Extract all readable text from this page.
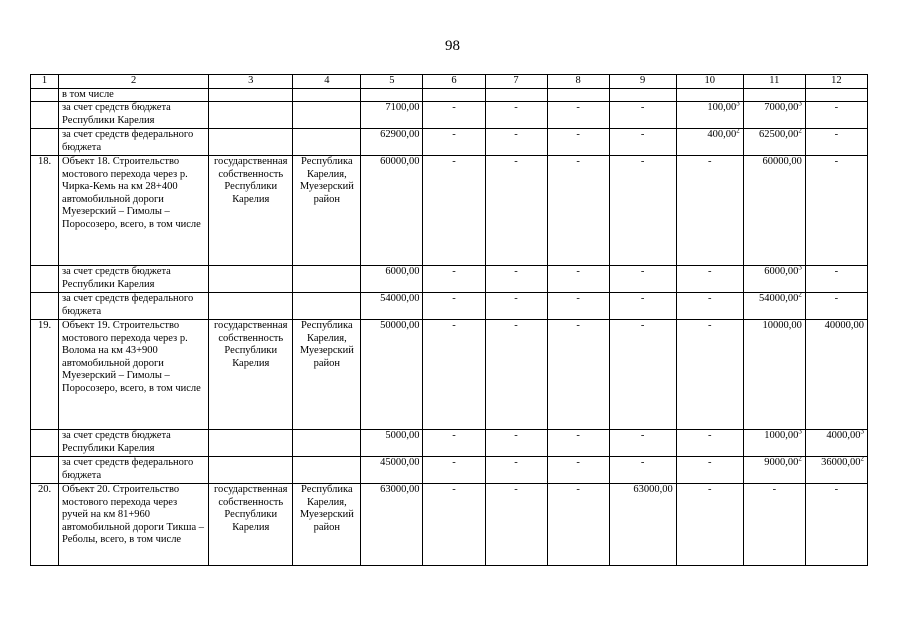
98
1	2	3	4	5	6	7	8	9	10	11	12
	в том числе										
	за счет средств бюджета Республики Карелия			7100,00	-	-	-	-	100,00$^3$	7000,00$^3$	-
	за счет средств федерального бюджета			62900,00	-	-	-	-	400,00$^2$	62500,00$^2$	-
18.	Объект 18. Строительство мостового перехода через р. Чирка-Кемь на км 28+400 автомобильной дороги Муезерский – Гимолы – Поросозеро, всего, в том числе	государственная собственность Республики Карелия	Республика Карелия, Муезерский район	60000,00	-	-	-	-	-	60000,00	-
	за счет средств бюджета Республики Карелия			6000,00	-	-	-	-	-	6000,00$^3$	-
	за счет средств федерального бюджета			54000,00	-	-	-	-	-	54000,00$^2$	-
19.	Объект 19. Строительство мостового перехода через р. Волома на км 43+900 автомобильной дороги Муезерский – Гимолы – Поросозеро, всего, в том числе	государственная собственность Республики Карелия	Республика Карелия, Муезерский район	50000,00	-	-	-	-	-	10000,00	40000,00
	за счет средств бюджета Республики Карелия			5000,00	-	-	-	-	-	1000,00$^3$	4000,00$^3$
	за счет средств федерального бюджета			45000,00	-	-	-	-	-	9000,00$^2$	36000,00$^2$
20.	Объект 20. Строительство мостового перехода через ручей на км 81+960 автомобильной дороги Тикша – Реболы, всего, в том числе	государственная собственность Республики Карелия	Республика Карелия, Муезерский район	63000,00	-	-	-	63000,00	-	-	-
